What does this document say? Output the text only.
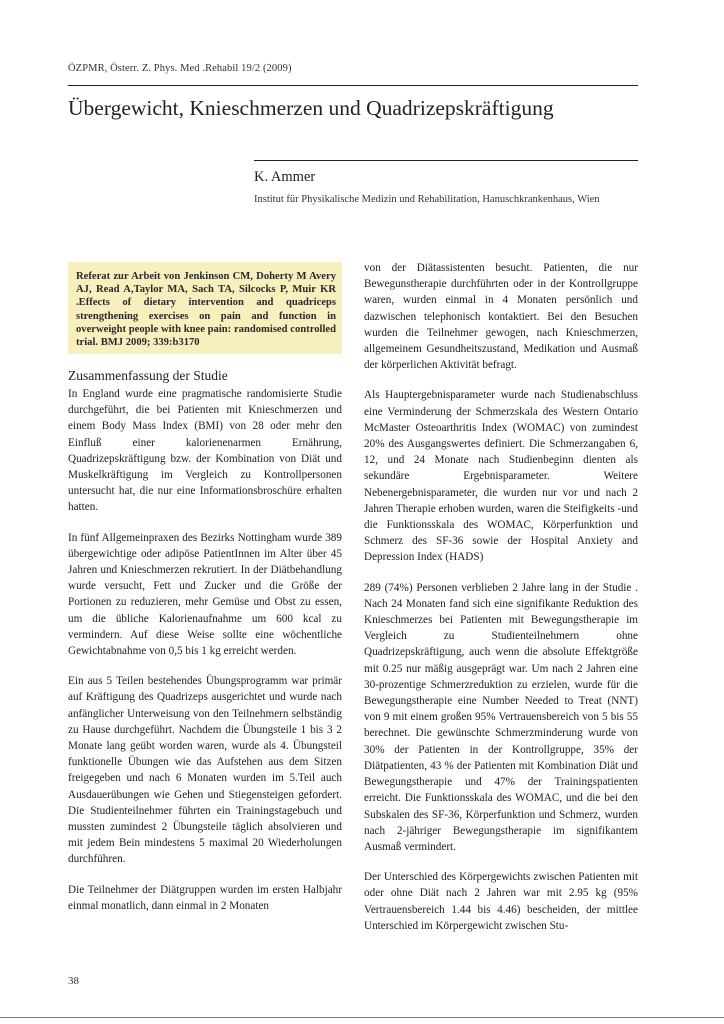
ÖZPMR, Österr. Z. Phys. Med .Rehabil 19/2 (2009)
Übergewicht, Knieschmerzen und Quadrizepskräftigung
K. Ammer
Institut für Physikalische Medizin und Rehabilitation, Hanuschkrankenhaus, Wien

Referat zur Arbeit von Jenkinson CM, Doherty M Avery AJ, Read A,Taylor MA, Sach TA, Silcocks P, Muir KR .Effects of dietary intervention and quadriceps strengthening exercises on pain and function in overweight people with knee pain: randomised controlled trial. BMJ 2009; 339:b3170

Zusammenfassung der Studie

In England wurde eine pragmatische randomisierte Studie durchgeführt, die bei Patienten mit Knieschmerzen und einem Body Mass Index (BMI) von 28 oder mehr den Einfluß einer kalorienenarmen Ernährung, Quadrizepskräftigung bzw. der Kombination von Diät und Muskelkräftigung im Vergleich zu Kontrollpersonen untersucht hat, die nur eine Informationsbroschüre erhalten hatten.

In fünf Allgemeinpraxen des Bezirks Nottingham wurde 389 übergewichtige oder adipöse PatientInnen im Alter über 45 Jahren und Knieschmerzen rekrutiert. In der Diätbehandlung wurde versucht, Fett und Zucker und die Größe der Portionen zu reduzieren, mehr Gemüse und Obst zu essen, um die übliche Kalorienaufnahme um 600 kcal zu vermindern. Auf diese Weise sollte eine wöchentliche Gewichtabnahme von 0,5 bis 1 kg erreicht werden.

Ein aus 5 Teilen bestehendes Übungsprogramm war primär auf Kräftigung des Quadrizeps ausgerichtet und wurde nach anfänglicher Unterweisung von den Teilnehmern selbständig zu Hause durchgeführt. Nachdem die Übungsteile 1 bis 3 2 Monate lang geübt worden waren, wurde als 4. Übungsteil funktionelle Übungen wie das Aufstehen aus dem Sitzen freigegeben und nach 6 Monaten wurden im 5.Teil auch Ausdauerübungen wie Gehen und Stiegensteigen gefordert. Die Studienteilnehmer führten ein Trainingstagebuch und mussten zumindest 2 Übungsteile täglich absolvieren und mit jedem Bein mindestens 5 maximal 20 Wiederholungen durchführen.

Die Teilnehmer der Diätgruppen wurden im ersten Halbjahr einmal monatlich, dann einmal in 2 Monaten

von der Diätassistenten besucht. Patienten, die nur Bewegunstherapie durchführten oder in der Kontrollgruppe waren, wurden einmal in 4 Monaten persönlich und dazwischen telephonisch kontaktiert. Bei den Besuchen wurden die Teilnehmer gewogen, nach Knieschmerzen, allgemeinem Gesundheitszustand, Medikation und Ausmaß der körperlichen Aktivität befragt.

Als Hauptergebnisparameter wurde nach Studienabschluss eine Verminderung der Schmerzskala des Western Ontario McMaster Osteoarthritis Index (WOMAC) von zumindest 20% des Ausgangswertes definiert. Die Schmerzangaben 6, 12, und 24 Monate nach Studienbeginn dienten als sekundäre Ergebnisparameter. Weitere Nebenergebnisparameter, die wurden nur vor und nach 2 Jahren Therapie erhoben wurden, waren die Steifigkeits -und die Funktionsskala des WOMAC, Körperfunktion und Schmerz des SF-36 sowie der Hospital Anxiety and Depression Index (HADS)

289 (74%) Personen verblieben 2 Jahre lang in der Studie . Nach 24 Monaten fand sich eine signifikante Reduktion des Knieschmerzes bei Patienten mit Bewegungstherapie im Vergleich zu Studienteilnehmern ohne Quadrizepskräftigung, auch wenn die absolute Effektgröße mit 0.25 nur mäßig ausgeprägt war. Um nach 2 Jahren eine 30-prozentige Schmerzreduktion zu erzielen, wurde für die Bewegungstherapie eine Number Needed to Treat (NNT) von 9 mit einem großen 95% Vertrauensbereich von 5 bis 55 berechnet. Die gewünschte Schmerzminderung wurde von 30% der Patienten in der Kontrollgruppe, 35% der Diätpatienten, 43 % der Patienten mit Kombination Diät und Bewegungstherapie und 47% der Trainingspatienten erreicht. Die Funktionsskala des WOMAC, und die bei den Subskalen des SF-36, Körperfunktion und Schmerz, wurden nach 2-jähriger Bewegungstherapie im signifikantem Ausmaß vermindert.

Der Unterschied des Körpergewichts zwischen Patienten mit oder ohne Diät nach 2 Jahren war mit 2.95 kg (95% Vertrauensbereich 1.44 bis 4.46) bescheiden, der mittlee Unterschied im Körpergewicht zwischen Stu-

38
